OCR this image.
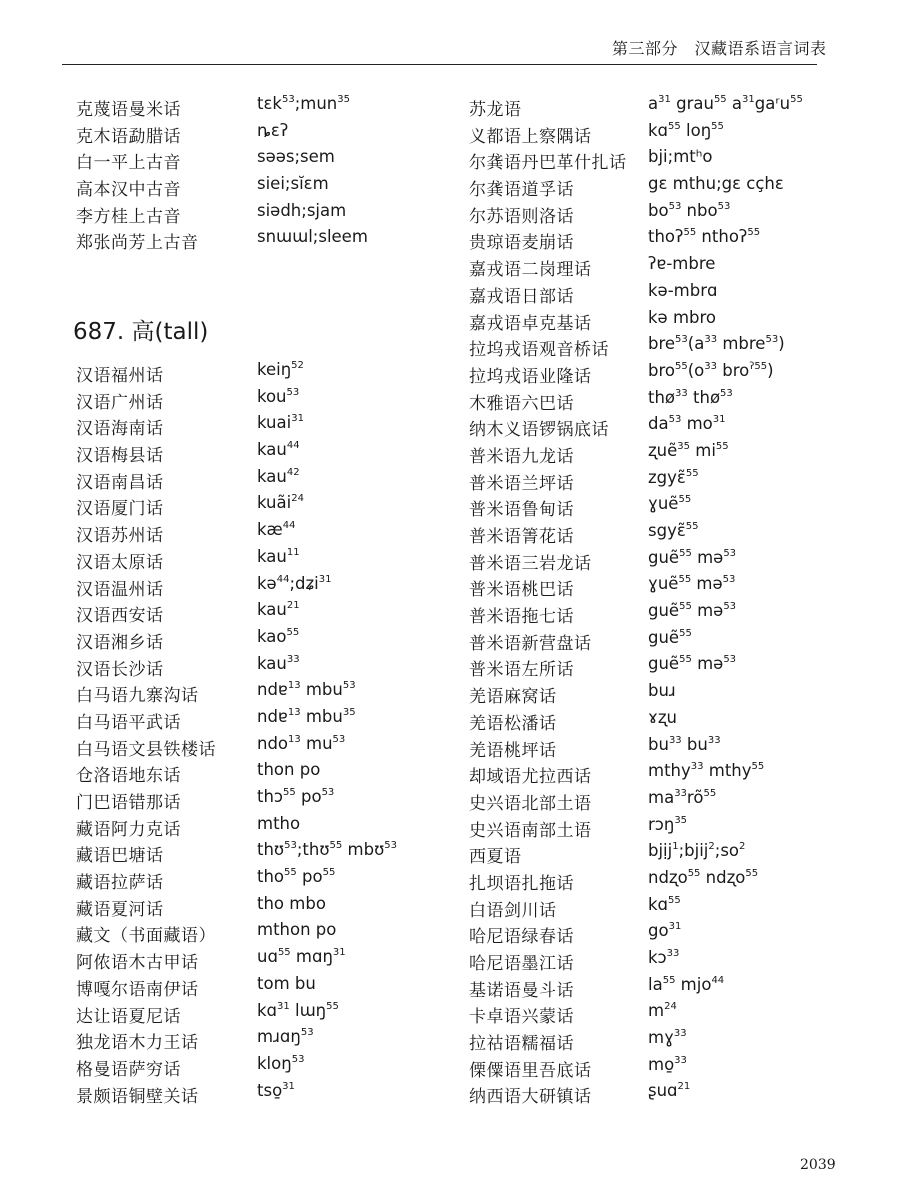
第三部分　汉藏语系语言词表
克蔑语曼米话	tɛk$^{53}$;mun$^{35}$
克木语勐腊话	ȵɛʔ
白一平上古音	səəs;sem
高本汉中古音	siei;sĭɛm
李方桂上古音	siədh;sjam
郑张尚芳上古音	snɯɯl;sleem
687. 高(tall)
汉语福州话	keiŋ$^{52}$
汉语广州话	kou$^{53}$
汉语海南话	kuai$^{31}$
汉语梅县话	kau$^{44}$
汉语南昌话	kau$^{42}$
汉语厦门话	kuãi$^{24}$
汉语苏州话	$kæ^{44}$
汉语太原话	kau$^{11}$
汉语温州话	kə$^{44}$;dʑi$^{31}$
汉语西安话	kau$^{21}$
汉语湘乡话	kao$^{55}$
汉语长沙话	kau$^{33}$
白马语九寨沟话	ndɐ$^{13}$ mbu$^{53}$
白马语平武话	ndɐ$^{13}$ mbu$^{35}$
白马语文县铁楼话 ndo$^{13}$ $mu^{53}$
仓洛语地东话	thon po
门巴语错那话	thɔ$^{55}$ $po^{53}$
藏语阿力克话	mtho
藏语巴塘话	thʊ$^{53}$;thʊ$^{55}$ mbʊ$^{53}$
藏语拉萨话	tho$^{55}$ $po^{55}$
藏语夏河话	tho mbo
藏文（书面藏语） mthon po
阿侬语木古甲话	uɑ$^{55}$ mɑŋ$^{31}$
博嘎尔语南伊话	tom bu
达让语夏尼话	kɑ$^{31}$ lɯŋ$^{55}$
独龙语木力王话	mɹɑŋ$^{53}$
格曼语萨穷话	kloŋ$^{53}$
景颇语铜壁关话	tso̱$^{31}$
苏龙语	$a^{31}$ grau$^{55}$ $a^{31}gaʳu^{55}$
义都语上察隅话	kɑ$^{55}$ loŋ$^{55}$
尔龚语丹巴革什扎话 bji;mtʰo
尔龚语道孚话	gɛ mthu;gɛ cçhɛ
尔苏语则洛话	$bo^{53}$ nbo$^{53}$
贵琼语麦崩话	thoʔ$^{55}$ nthoʔ$^{55}$
嘉戎语二岗理话	ʔɐ-mbre
嘉戎语日部话	kə-mbrɑ
嘉戎语卓克基话	kə mbro
拉坞戎语观音桥话 $bre^{53}(a^{33}$ mbre$^{53}$)
拉坞戎语业隆话	$bro^{55}(o^{33}$ bro$^{ʔ55}$)
木雅语六巴话	thø$^{33}$ thø$^{53}$
纳木义语锣锅底话 $da^{53}$ $mo^{31}$
普米语九龙话	ʐuẽ$^{35}$ $mi^{55}$
普米语兰坪话	zgyɛ̃$^{55}$
普米语鲁甸话	ɣuẽ$^{55}$
普米语箐花话	sgyɛ̃$^{55}$
普米语三岩龙话	guẽ$^{55}$ mə$^{53}$
普米语桃巴话	ɣuẽ$^{55}$ mə$^{53}$
普米语拖七话	guẽ$^{55}$ mə$^{53}$
普米语新营盘话	guẽ$^{55}$
普米语左所话	guẽ$^{55}$ mə$^{53}$
羌语麻窝话	buɹ
羌语松潘话	ɤʐu
羌语桃坪话	$bu^{33}$ $bu^{33}$
却域语尤拉西话	mthy$^{33}$ mthy$^{55}$
史兴语北部土语	$ma^{33}rõ^{55}$
史兴语南部土语	rɔŋ$^{35}$
西夏语	$bjịj^1;bjij^2;so^2$
扎坝语扎拖话	ndʐo$^{55}$ ndʐo$^{55}$
白语剑川话	kɑ$^{55}$
哈尼语绿春话	$go^{31}$
哈尼语墨江话	kɔ$^{33}$
基诺语曼斗话	$la^{55}$ mjo$^{44}$
卡卓语兴蒙话	$m^{24}$
拉祜语糯福话	mɣ$^{33}$
傈僳语里吾底话	mo̱$^{33}$
纳西语大研镇话	ʂuɑ$^{21}$
2039
